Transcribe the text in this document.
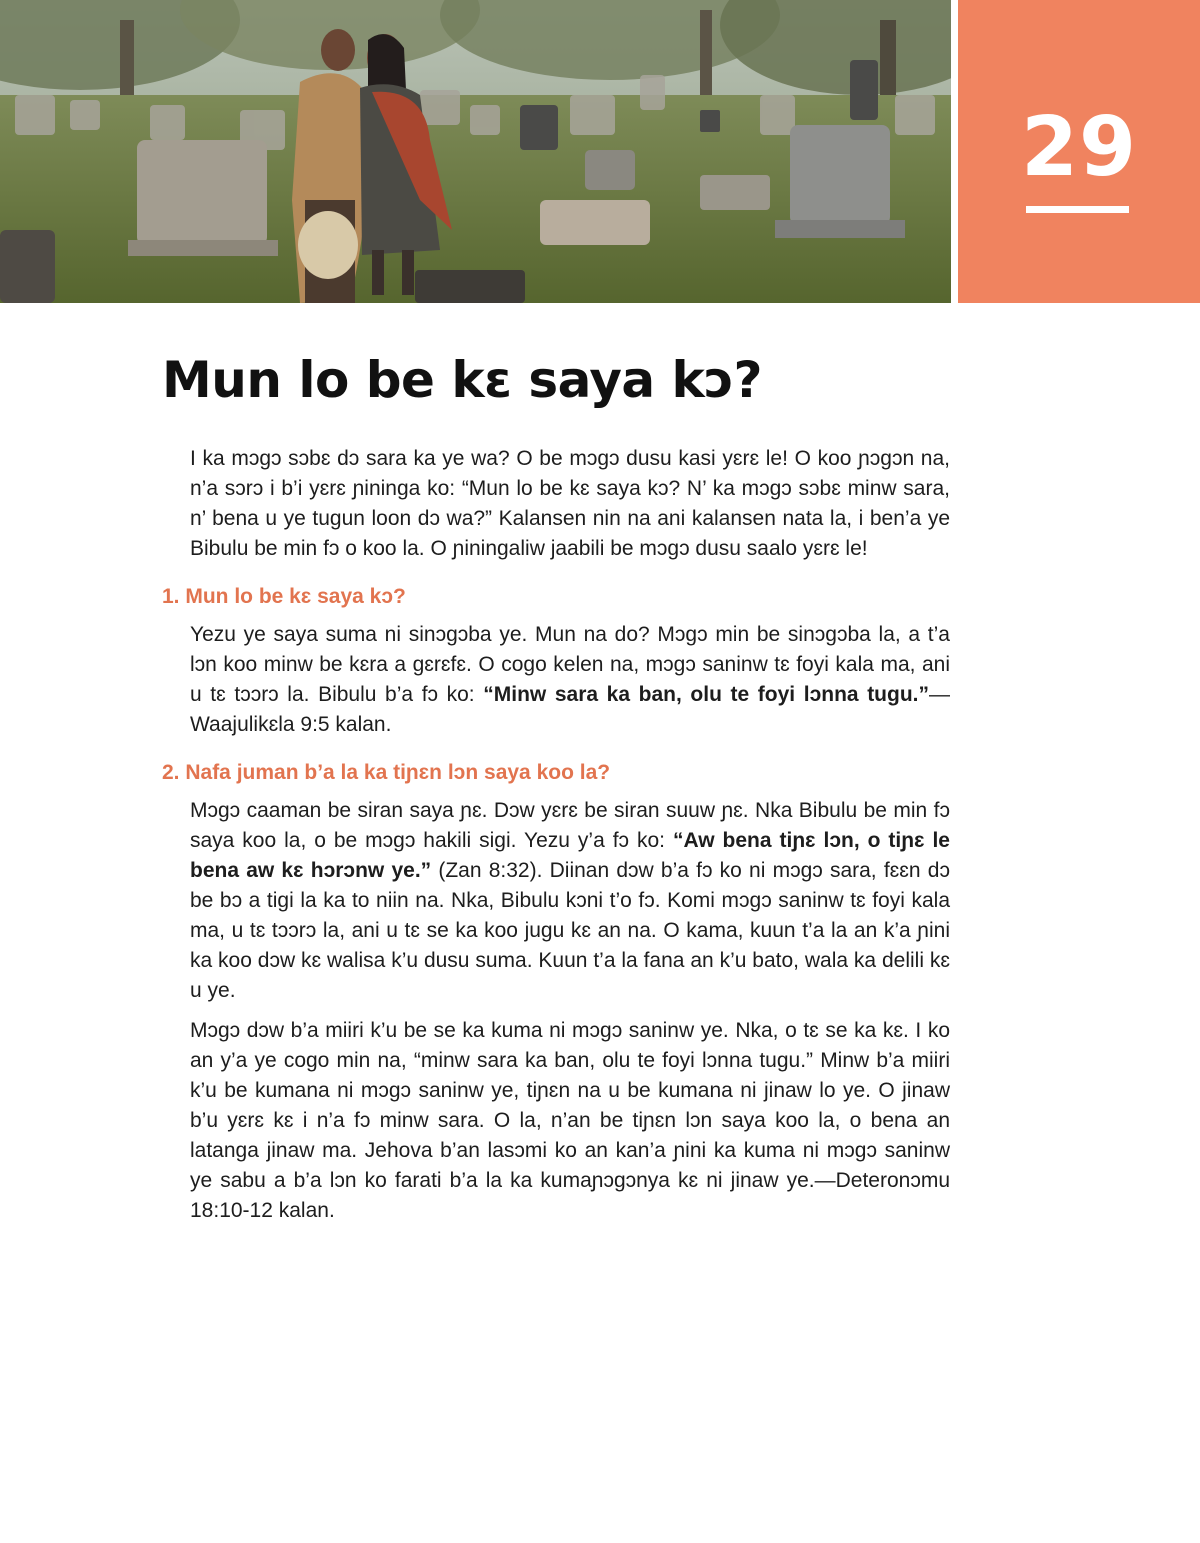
29
Mun lo be kɛ saya kɔ?

I ka mɔgɔ sɔbɛ dɔ sara ka ye wa? O be mɔgɔ dusu kasi yɛrɛ le! O koo ɲɔgɔn na, n’a sɔrɔ i b’i yɛrɛ ɲininga ko: “Mun lo be kɛ saya kɔ? N’ ka mɔgɔ sɔbɛ minw sara, n’ bena u ye tugun loon dɔ wa?” Kalansen nin na ani kalansen nata la, i ben’a ye Bibulu be min fɔ o koo la. O ɲiningaliw jaabili be mɔgɔ dusu saalo yɛrɛ le!

1. Mun lo be kɛ saya kɔ?

Yezu ye saya suma ni sinɔgɔba ye. Mun na do? Mɔgɔ min be sinɔgɔba la, a t’a lɔn koo minw be kɛra a gɛrɛfɛ. O cogo kelen na, mɔgɔ saninw tɛ foyi kala ma, ani u tɛ tɔɔrɔ la. Bibulu b’a fɔ ko: “Minw sara ka ban, olu te foyi lɔnna tugu.”—Waajulikɛla 9:5 kalan.

2. Nafa juman b’a la ka tiɲɛn lɔn saya koo la?

Mɔgɔ caaman be siran saya ɲɛ. Dɔw yɛrɛ be siran suuw ɲɛ. Nka Bibulu be min fɔ saya koo la, o be mɔgɔ hakili sigi. Yezu y’a fɔ ko: “Aw bena tiɲɛ lɔn, o tiɲɛ le bena aw kɛ hɔrɔnw ye.” (Zan 8:32). Diinan dɔw b’a fɔ ko ni mɔgɔ sara, fɛɛn dɔ be bɔ a tigi la ka to niin na. Nka, Bibulu kɔni t’o fɔ. Komi mɔgɔ saninw tɛ foyi kala ma, u tɛ tɔɔrɔ la, ani u tɛ se ka koo jugu kɛ an na. O kama, kuun t’a la an k’a ɲini ka koo dɔw kɛ walisa k’u dusu suma. Kuun t’a la fana an k’u bato, wala ka delili kɛ u ye.

Mɔgɔ dɔw b’a miiri k’u be se ka kuma ni mɔgɔ saninw ye. Nka, o tɛ se ka kɛ. I ko an y’a ye cogo min na, “minw sara ka ban, olu te foyi lɔnna tugu.” Minw b’a miiri k’u be kumana ni mɔgɔ saninw ye, tiɲɛn na u be kumana ni jinaw lo ye. O jinaw b’u yɛrɛ kɛ i n’a fɔ minw sara. O la, n’an be tiɲɛn lɔn saya koo la, o bena an latanga jinaw ma. Jehova b’an lasɔmi ko an kan’a ɲini ka kuma ni mɔgɔ saninw ye sabu a b’a lɔn ko farati b’a la ka kumaɲɔgɔnya kɛ ni jinaw ye.—Deteronɔmu 18:10-12 kalan.
